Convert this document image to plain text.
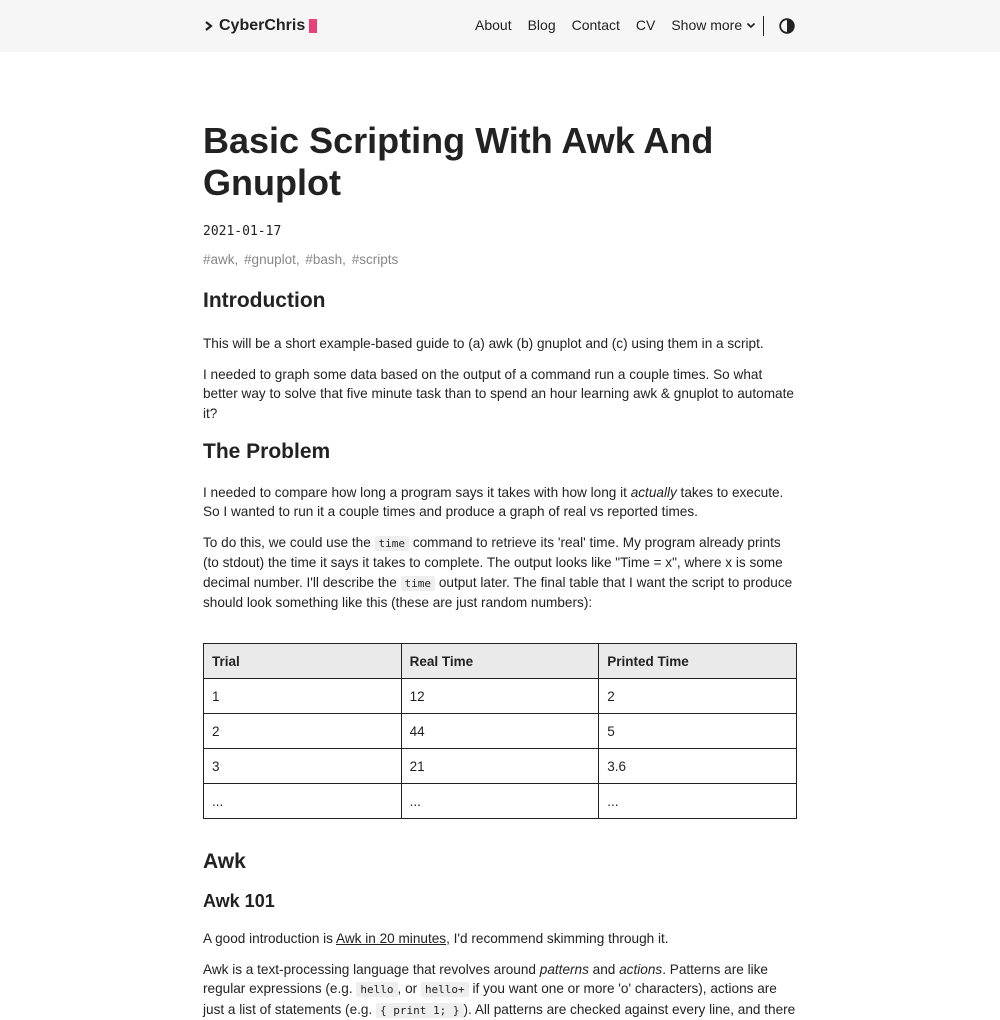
CyberChris	About Blog Contact CV Show more
Basic Scripting With Awk And
Gnuplot
2021-01-17
#awk, #gnuplot, #bash, #scripts
Introduction

This will be a short example-based guide to (a) awk (b) gnuplot and (c) using them in a script.

I needed to graph some data based on the output of a command run a couple times. So what better way to solve that five minute task than to spend an hour learning awk & gnuplot to automate it?

The Problem

I needed to compare how long a program says it takes with how long it actually takes to execute. So I wanted to run it a couple times and produce a graph of real vs reported times.

To do this, we could use the time command to retrieve its 'real' time. My program already prints (to stdout) the time it says it takes to complete. The output looks like "Time = x", where x is some decimal number. I'll describe the time output later. The final table that I want the script to produce should look something like this (these are just random numbers):

Trial	Real Time	Printed Time
1	12	2
2	44	5
3	21	3.6
...	...	...
Awk
Awk 101

A good introduction is Awk in 20 minutes, I'd recommend skimming through it.

Awk is a text-processing language that revolves around patterns and actions. Patterns are like regular expressions (e.g. hello , or hello+ if you want one or more 'o' characters), actions are just a list of statements (e.g. { print 1; } ). All patterns are checked against every line, and there
